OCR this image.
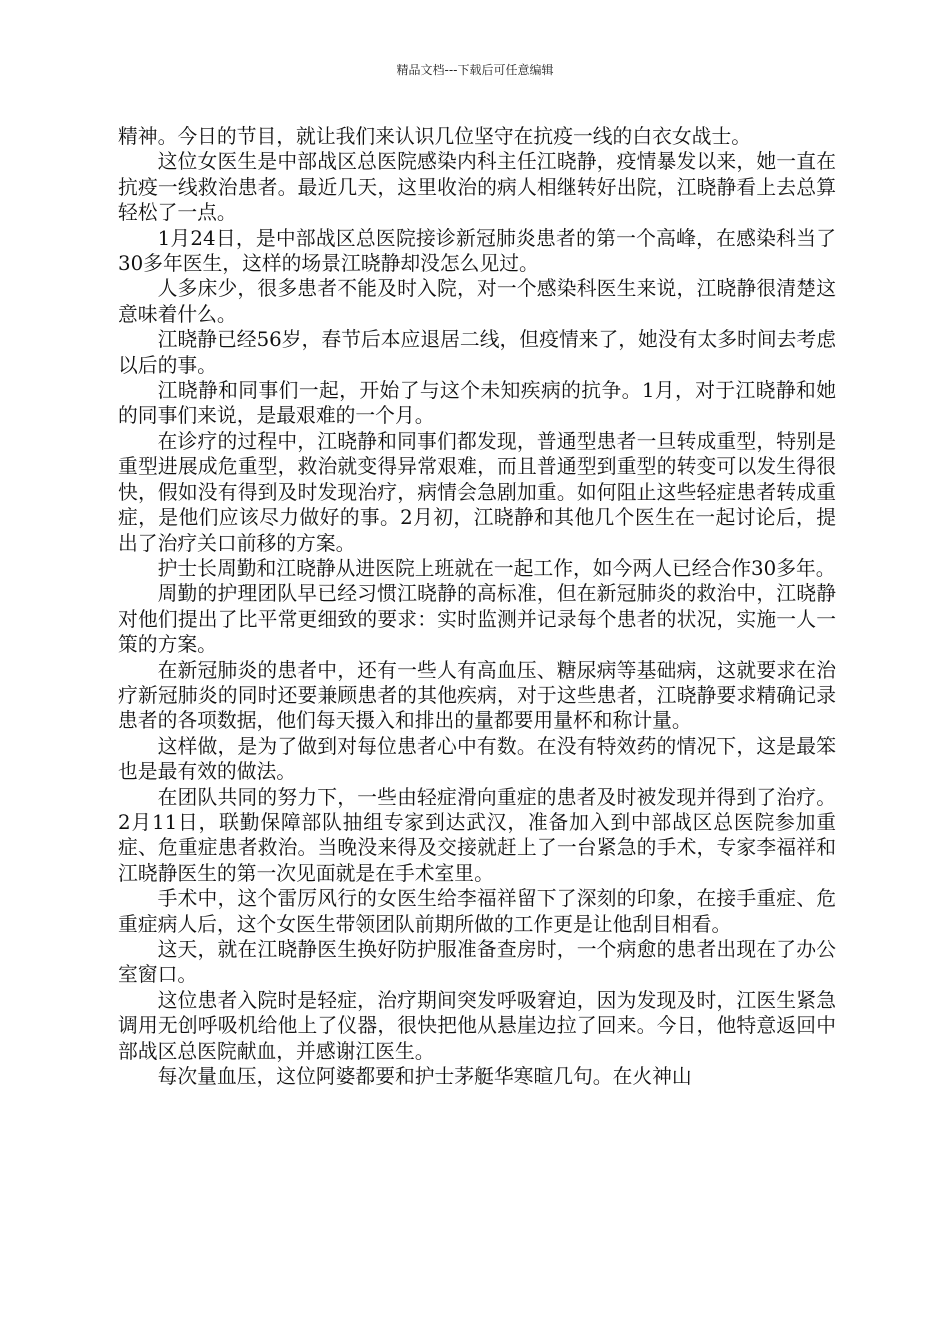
精品文档---下载后可任意编辑

精神。今日的节目，就让我们来认识几位坚守在抗疫一线的白衣女战士。

这位女医生是中部战区总医院感染内科主任江晓静，疫情暴发以来，她一直在抗疫一线救治患者。最近几天，这里收治的病人相继转好出院，江晓静看上去总算轻松了一点。

1月24日，是中部战区总医院接诊新冠肺炎患者的第一个高峰，在感染科当了30多年医生，这样的场景江晓静却没怎么见过。

人多床少，很多患者不能及时入院，对一个感染科医生来说，江晓静很清楚这意味着什么。

江晓静已经56岁，春节后本应退居二线，但疫情来了，她没有太多时间去考虑以后的事。

江晓静和同事们一起，开始了与这个未知疾病的抗争。1月，对于江晓静和她的同事们来说，是最艰难的一个月。

在诊疗的过程中，江晓静和同事们都发现，普通型患者一旦转成重型，特别是重型进展成危重型，救治就变得异常艰难，而且普通型到重型的转变可以发生得很快，假如没有得到及时发现治疗，病情会急剧加重。如何阻止这些轻症患者转成重症，是他们应该尽力做好的事。2月初，江晓静和其他几个医生在一起讨论后，提出了治疗关口前移的方案。

护士长周勤和江晓静从进医院上班就在一起工作，如今两人已经合作30多年。

周勤的护理团队早已经习惯江晓静的高标准，但在新冠肺炎的救治中，江晓静对他们提出了比平常更细致的要求：实时监测并记录每个患者的状况，实施一人一策的方案。

在新冠肺炎的患者中，还有一些人有高血压、糖尿病等基础病，这就要求在治疗新冠肺炎的同时还要兼顾患者的其他疾病，对于这些患者，江晓静要求精确记录患者的各项数据，他们每天摄入和排出的量都要用量杯和称计量。

这样做，是为了做到对每位患者心中有数。在没有特效药的情况下，这是最笨也是最有效的做法。

在团队共同的努力下，一些由轻症滑向重症的患者及时被发现并得到了治疗。2月11日，联勤保障部队抽组专家到达武汉，准备加入到中部战区总医院参加重症、危重症患者救治。当晚没来得及交接就赶上了一台紧急的手术，专家李福祥和江晓静医生的第一次见面就是在手术室里。

手术中，这个雷厉风行的女医生给李福祥留下了深刻的印象，在接手重症、危重症病人后，这个女医生带领团队前期所做的工作更是让他刮目相看。

这天，就在江晓静医生换好防护服准备查房时，一个病愈的患者出现在了办公室窗口。

这位患者入院时是轻症，治疗期间突发呼吸窘迫，因为发现及时，江医生紧急调用无创呼吸机给他上了仪器，很快把他从悬崖边拉了回来。今日，他特意返回中部战区总医院献血，并感谢江医生。

每次量血压，这位阿婆都要和护士茅艇华寒暄几句。在火神山
